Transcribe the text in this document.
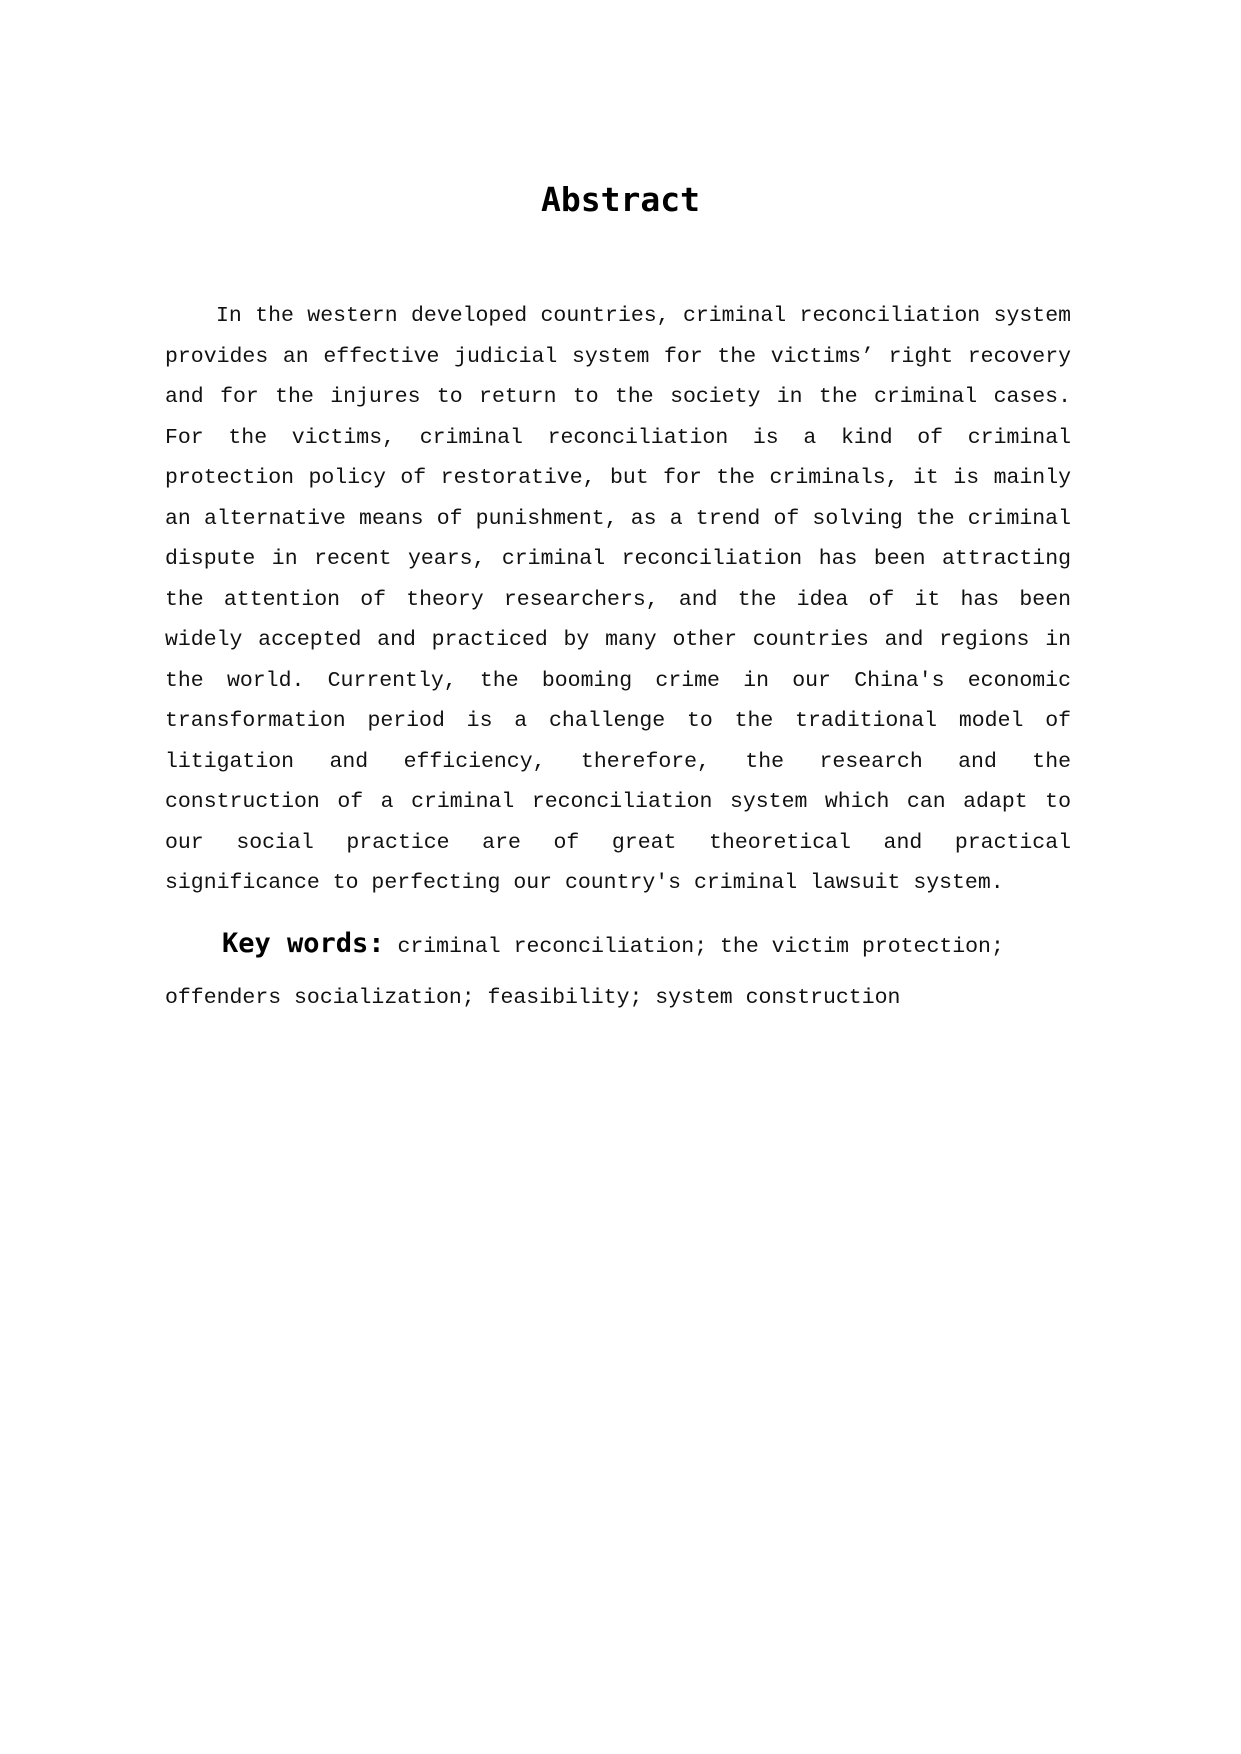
Abstract

In the western developed countries, criminal reconciliation system provides an effective judicial system for the victims’ right recovery and for the injures to return to the society in the criminal cases. For the victims, criminal reconciliation is a kind of criminal protection policy of restorative, but for the criminals, it is mainly an alternative means of punishment, as a trend of solving the criminal dispute in recent years, criminal reconciliation has been attracting the attention of theory researchers, and the idea of it has been widely accepted and practiced by many other countries and regions in the world. Currently, the booming crime in our China's economic transformation period is a challenge to the traditional model of litigation and efficiency, therefore, the research and the construction of a criminal reconciliation system which can adapt to our social practice are of great theoretical and practical significance to perfecting our country's criminal lawsuit system.

Key words: criminal reconciliation; the victim protection; offenders socialization; feasibility; system construction
